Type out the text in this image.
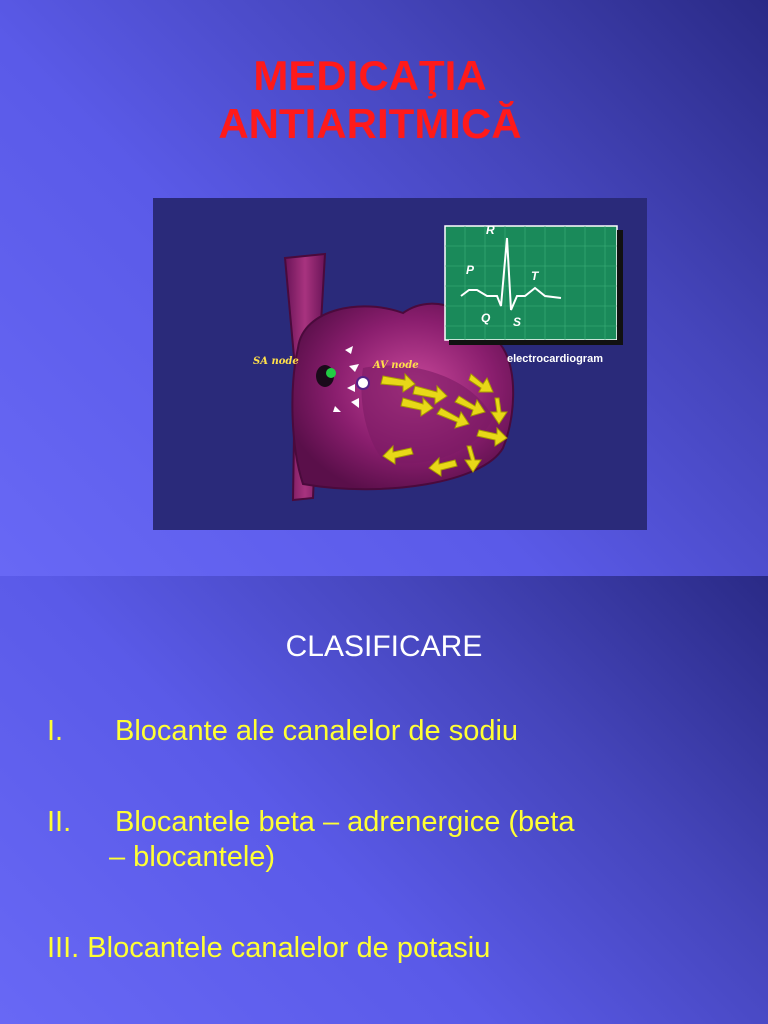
MEDICAŢIA
ANTIARITMICĂ
SA node	AV node
R
P	T
Q S
electrocardiogram
CLASIFICARE
I. Blocante ale canalelor de sodiu
II. Blocantele beta – adrenergice (beta
– blocantele)
III. Blocantele canalelor de potasiu
